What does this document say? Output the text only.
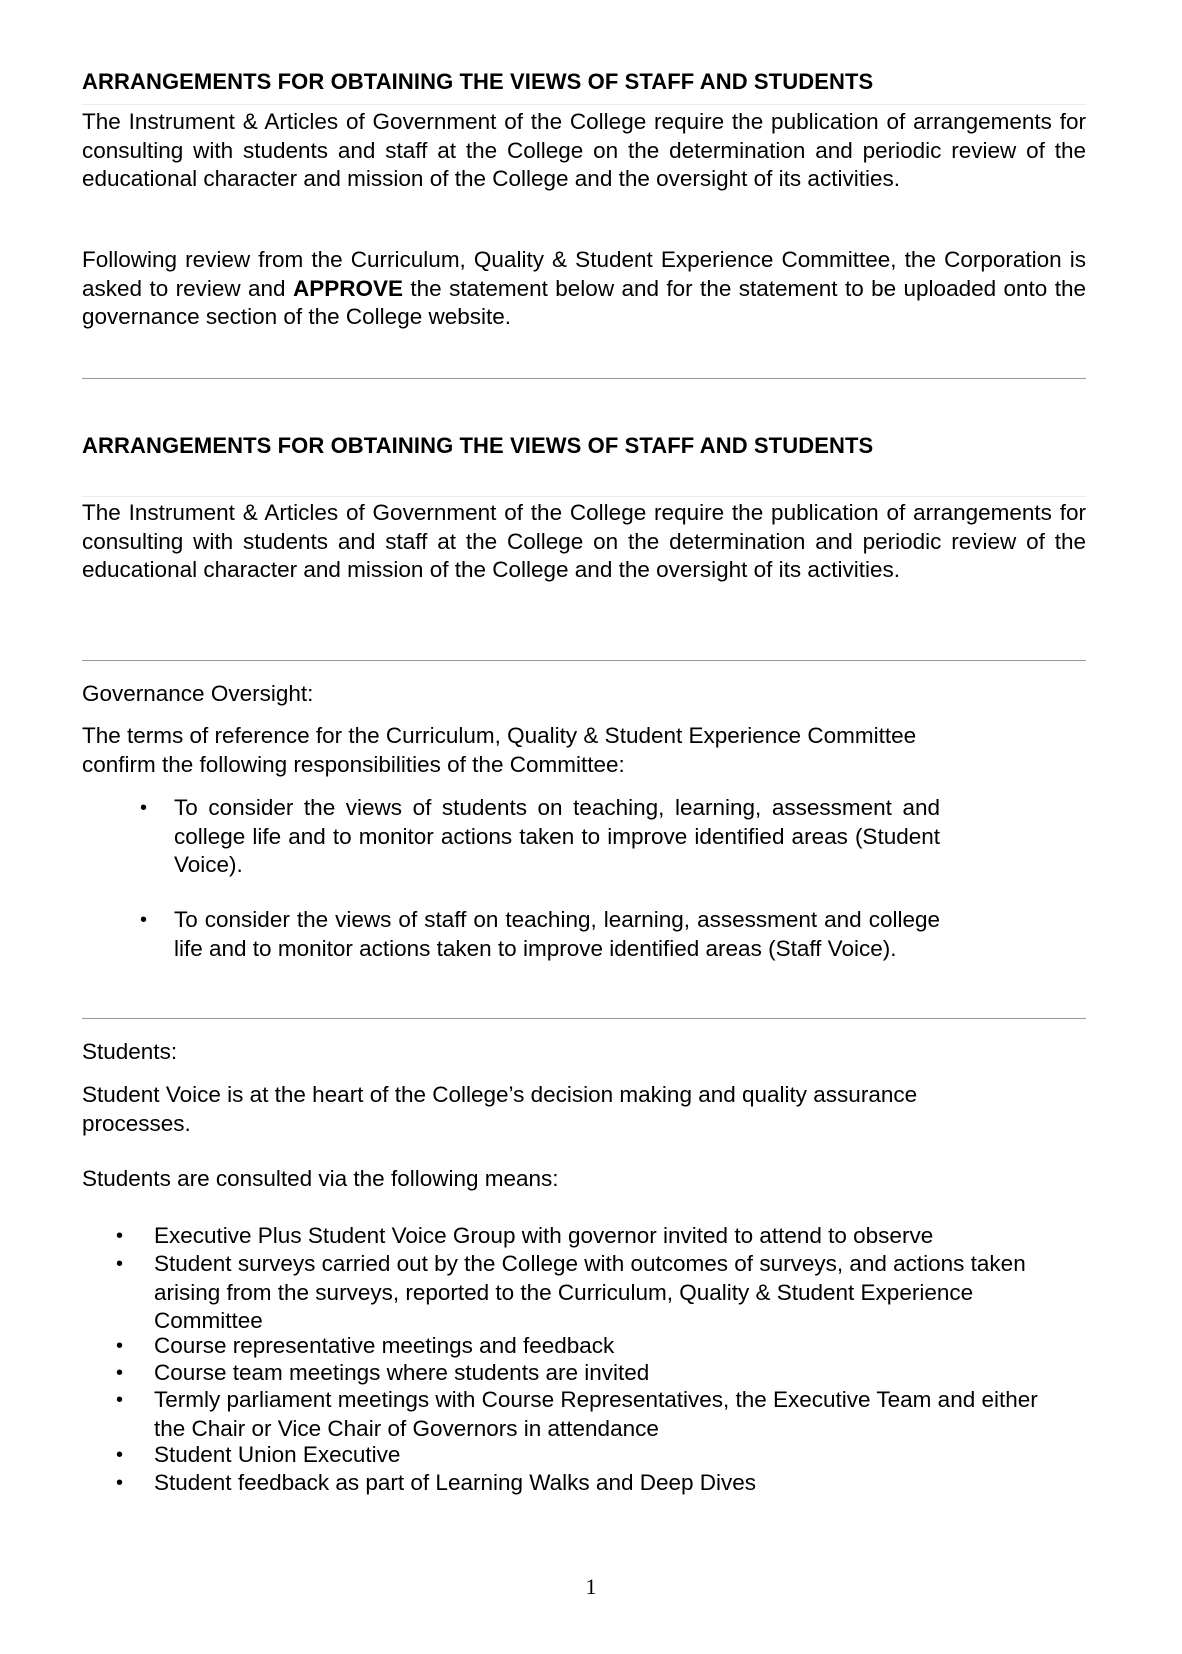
ARRANGEMENTS FOR OBTAINING THE VIEWS OF STAFF AND STUDENTS

The Instrument & Articles of Government of the College require the publication of arrangements for consulting with students and staff at the College on the determination and periodic review of the educational character and mission of the College and the oversight of its activities.

Following review from the Curriculum, Quality & Student Experience Committee, the Corporation is asked to review and APPROVE the statement below and for the statement to be uploaded onto the governance section of the College website.

ARRANGEMENTS FOR OBTAINING THE VIEWS OF STAFF AND STUDENTS

The Instrument & Articles of Government of the College require the publication of arrangements for consulting with students and staff at the College on the determination and periodic review of the educational character and mission of the College and the oversight of its activities.

Governance Oversight:
The terms of reference for the Curriculum, Quality & Student Experience Committee confirm the following responsibilities of the Committee:
•	To consider the views of students on teaching, learning, assessment and college life and to monitor actions taken to improve identified areas (Student Voice).
•	To consider the views of staff on teaching, learning, assessment and college life and to monitor actions taken to improve identified areas (Staff Voice).
Students:
Student Voice is at the heart of the College’s decision making and quality assurance processes.
Students are consulted via the following means:
•	Executive Plus Student Voice Group with governor invited to attend to observe
•	Student surveys carried out by the College with outcomes of surveys, and actions taken arising from the surveys, reported to the Curriculum, Quality & Student Experience Committee
•	Course representative meetings and feedback
•	Course team meetings where students are invited
•	Termly parliament meetings with Course Representatives, the Executive Team and either the Chair or Vice Chair of Governors in attendance
•	Student Union Executive
•	Student feedback as part of Learning Walks and Deep Dives
1
